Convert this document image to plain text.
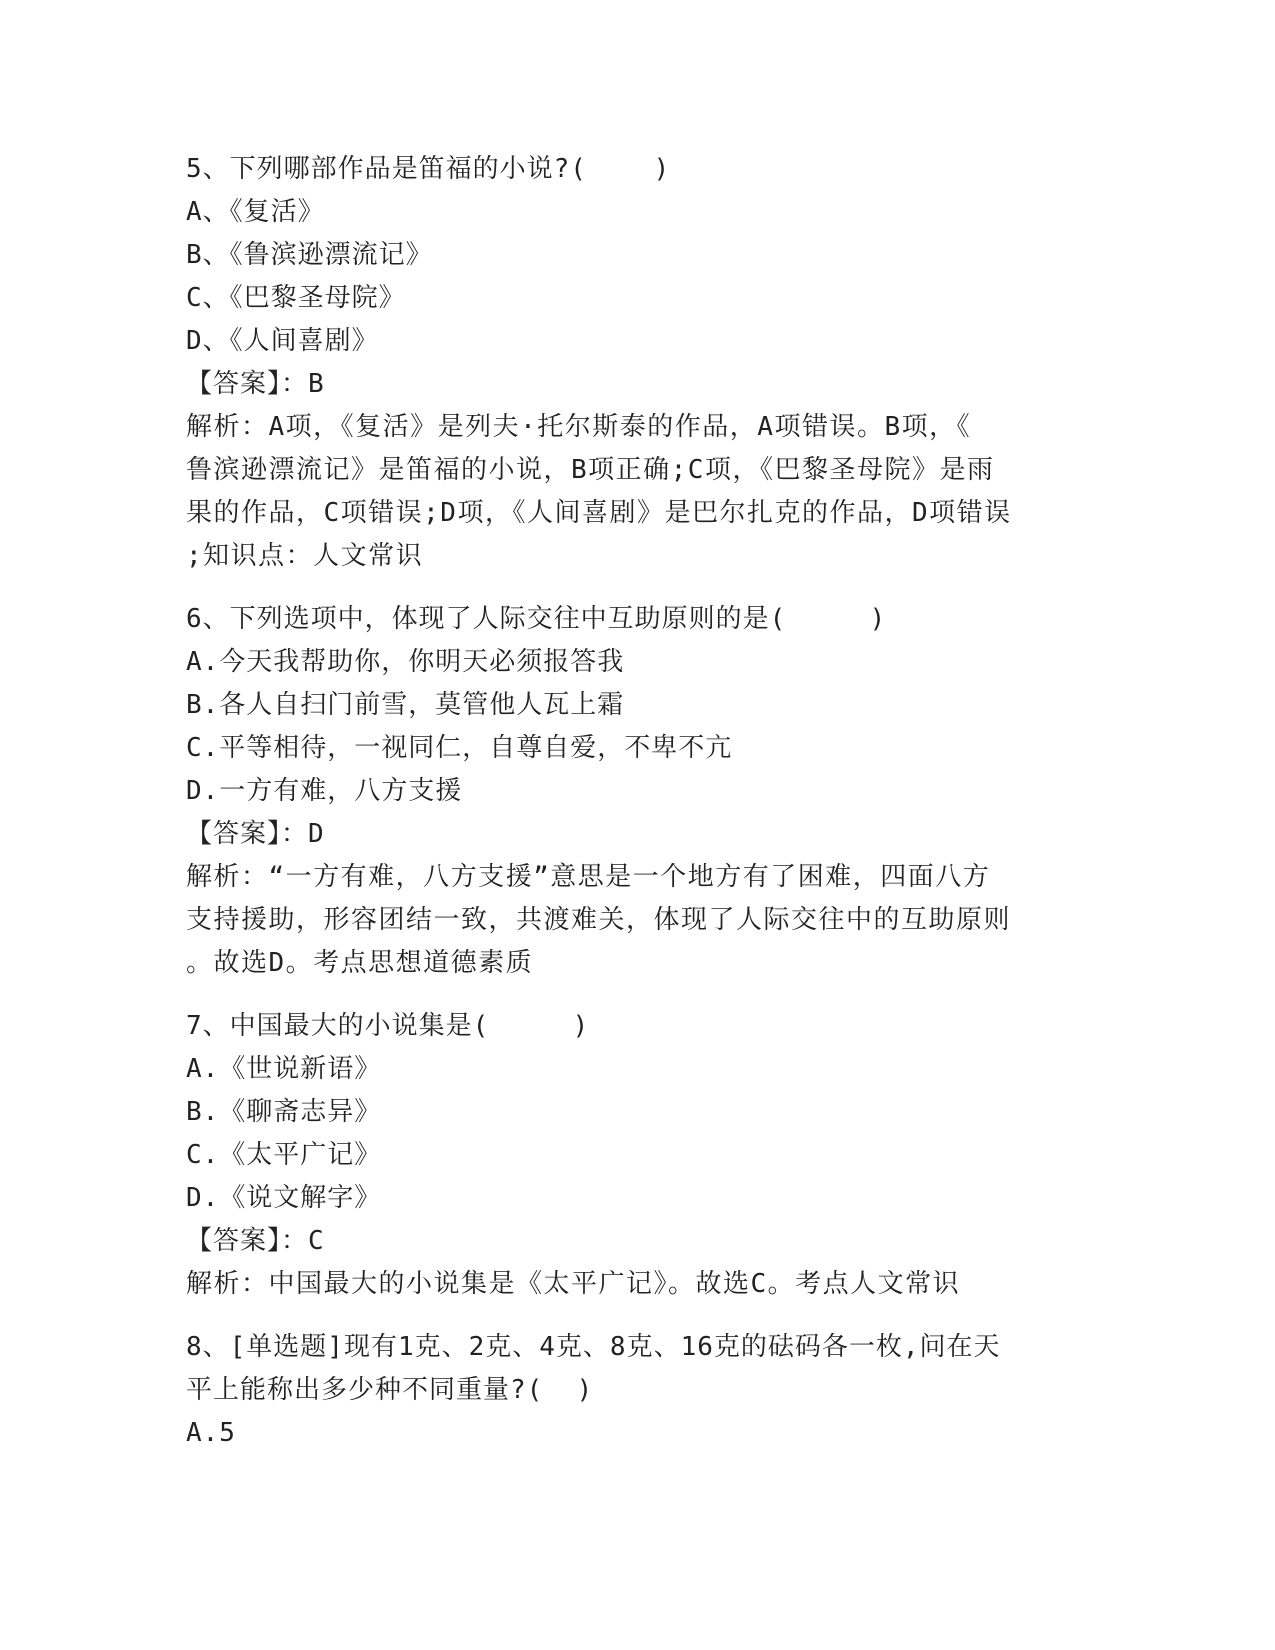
5、下列哪部作品是笛福的小说?(    )
A、《复活》
B、《鲁滨逊漂流记》
C、《巴黎圣母院》
D、《人间喜剧》
【答案】：B
解析：A项，《复活》是列夫·托尔斯泰的作品，A项错误。B项，《
鲁滨逊漂流记》是笛福的小说，B项正确;C项，《巴黎圣母院》是雨
果的作品，C项错误;D项，《人间喜剧》是巴尔扎克的作品，D项错误
;知识点：人文常识
6、下列选项中，体现了人际交往中互助原则的是(     )
A.今天我帮助你，你明天必须报答我
B.各人自扫门前雪，莫管他人瓦上霜
C.平等相待，一视同仁，自尊自爱，不卑不亢
D.一方有难，八方支援
【答案】：D
解析：“一方有难，八方支援”意思是一个地方有了困难，四面八方
支持援助，形容团结一致，共渡难关，体现了人际交往中的互助原则
。故选D。考点思想道德素质
7、中国最大的小说集是(     )
A.《世说新语》
B.《聊斋志异》
C.《太平广记》
D.《说文解字》
【答案】：C
解析：中国最大的小说集是《太平广记》。故选C。考点人文常识
8、[单选题]现有1克、2克、4克、8克、16克的砝码各一枚,问在天
平上能称出多少种不同重量?(  )
A.5
